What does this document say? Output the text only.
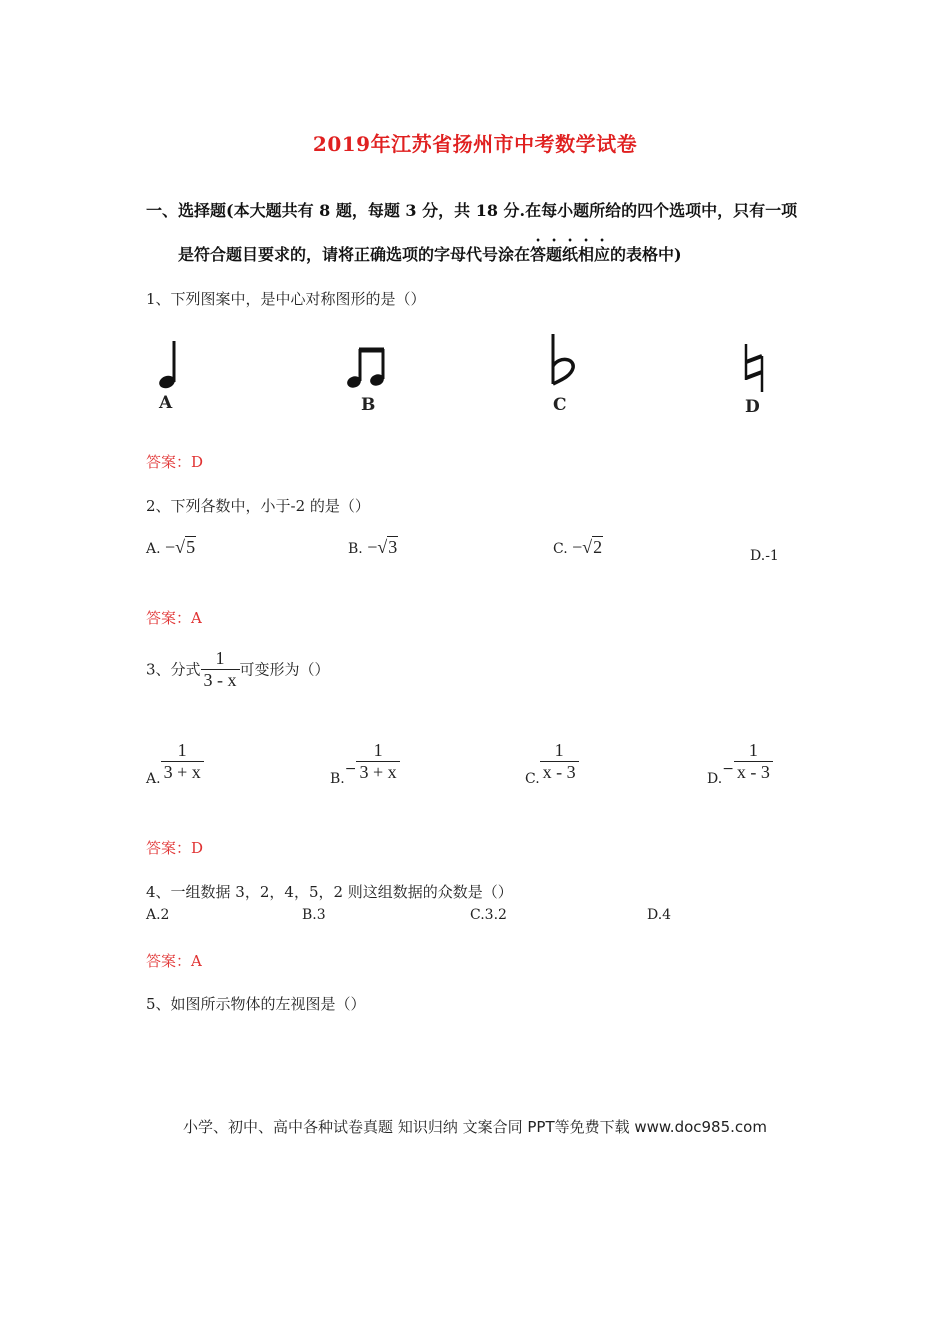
2019年江苏省扬州市中考数学试卷
一、选择题(本大题共有 8 题，每题 3 分，共 18 分.在每小题所给的四个选项中，只有一项
是符合题目要求的，请将正确选项的字母代号涂在答题纸相应的表格中)
1、下列图案中，是中心对称图形的是（）
A	B	C	D
答案：D
2、下列各数中，小于-2 的是（）
A. −√5	B. −√3	C. −√2	D.-1
答案：A
3、分式 $\frac{1}{3 - x}$ 可变形为（）
A. $\frac{1}{3 + x}$	$B.- \frac{1}{3 + x}$	C. $\frac{1}{x - 3}$	$D.- \frac{1}{x - 3}$
答案：D
4、一组数据 3，2，4，5，2 则这组数据的众数是（）
A.2	B.3	C.3.2	D.4
答案：A
5、如图所示物体的左视图是（）
小学、初中、高中各种试卷真题 知识归纳 文案合同 PPT等免费下载 www.doc985.com
